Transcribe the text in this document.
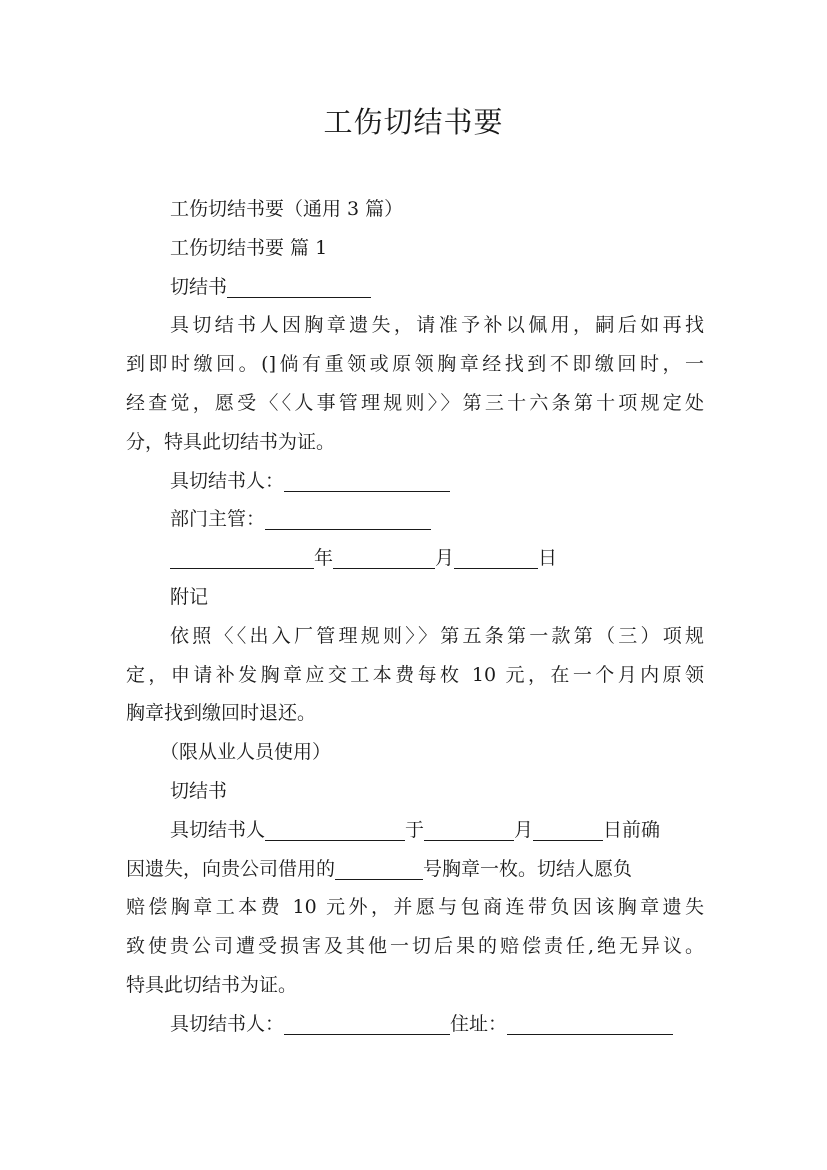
工伤切结书要
工伤切结书要（通用 3 篇）
工伤切结书要 篇 1
切结书
具切结书人因胸章遗失，请准予补以佩用，嗣后如再找
到即时缴回。(]倘有重领或原领胸章经找到不即缴回时，一
经查觉，愿受〈〈人事管理规则〉〉第三十六条第十项规定处
分，特具此切结书为证。
具切结书人：
部门主管：
年	月	日
附记
依照〈〈出入厂管理规则〉〉第五条第一款第（三）项规
定，申请补发胸章应交工本费每枚 10 元，在一个月内原领
胸章找到缴回时退还。
（限从业人员使用）
切结书
具切结书人	于	月	日前确
因遗失，向贵公司借用的	号胸章一枚。切结人愿负
赔偿胸章工本费 10 元外，并愿与包商连带负因该胸章遗失
致使贵公司遭受损害及其他一切后果的赔偿责任,绝无异议。
特具此切结书为证。
具切结书人：	住址：
